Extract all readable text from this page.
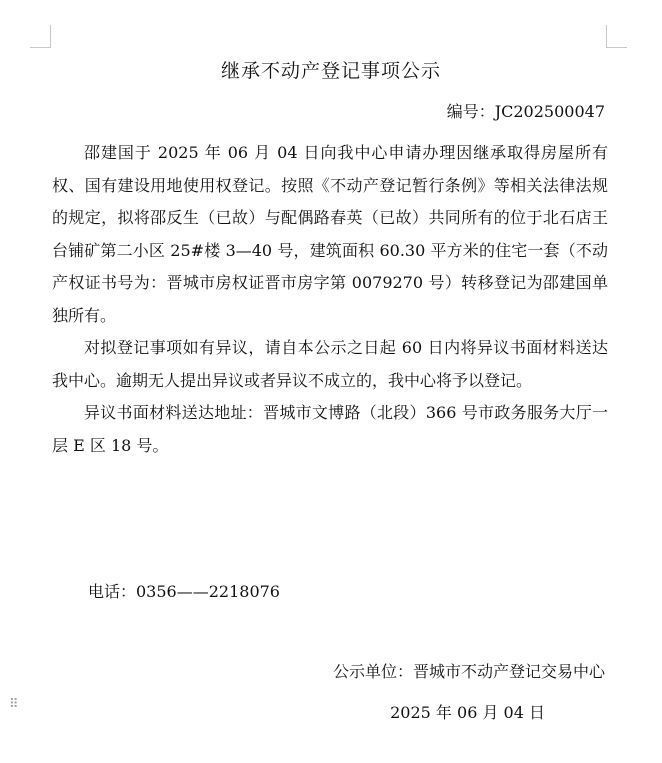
⠿
继承不动产登记事项公示
编号：JC202500047

邵建国于 2025 年 06 月 04 日向我中心申请办理因继承取得房屋所有权、国有建设用地使用权登记。按照《不动产登记暂行条例》等相关法律法规的规定，拟将邵反生（已故）与配偶路春英（已故）共同所有的位于北石店王台铺矿第二小区 25#楼 3—40 号，建筑面积 60.30 平方米的住宅一套（不动产权证书号为：晋城市房权证晋市房字第 0079270 号）转移登记为邵建国单独所有。

对拟登记事项如有异议，请自本公示之日起 60 日内将异议书面材料送达我中心。逾期无人提出异议或者异议不成立的，我中心将予以登记。

异议书面材料送达地址：晋城市文博路（北段）366 号市政务服务大厅一层 E 区 18 号。

电话：0356——2218076
公示单位：晋城市不动产登记交易中心
2025 年 06 月 04 日
